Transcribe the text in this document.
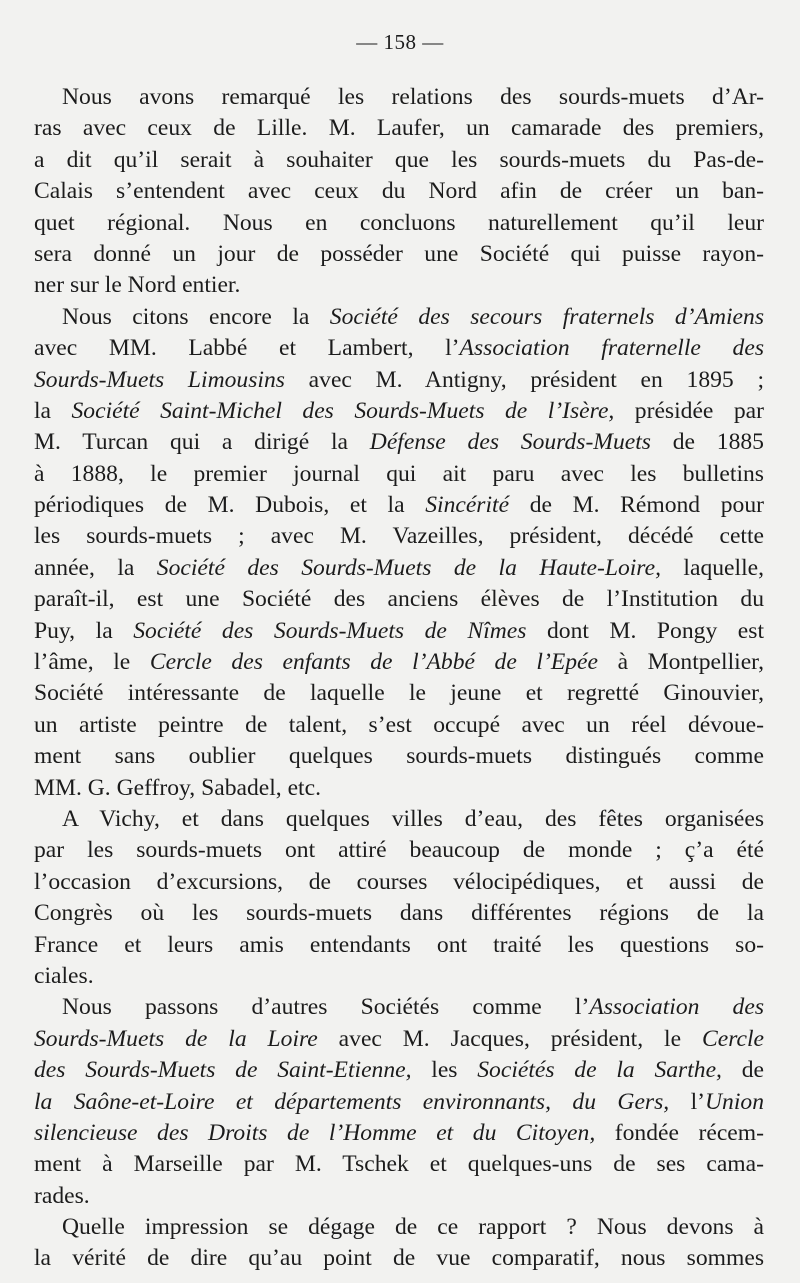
— 158 —
Nous avons remarqué les relations des sourds-muets d’Ar-
ras avec ceux de Lille. M. Laufer, un camarade des premiers,
a dit qu’il serait à souhaiter que les sourds-muets du Pas-de-
Calais s’entendent avec ceux du Nord afin de créer un ban-
quet régional. Nous en concluons naturellement qu’il leur
sera donné un jour de posséder une Société qui puisse rayon-
ner sur le Nord entier.
Nous citons encore la Société des secours fraternels d’Amiens
avec MM. Labbé et Lambert, l’Association fraternelle des
Sourds-Muets Limousins avec M. Antigny, président en 1895 ;
la Société Saint-Michel des Sourds-Muets de l’Isère, présidée par
M. Turcan qui a dirigé la Défense des Sourds-Muets de 1885
à 1888, le premier journal qui ait paru avec les bulletins
périodiques de M. Dubois, et la Sincérité de M. Rémond pour
les sourds-muets ; avec M. Vazeilles, président, décédé cette
année, la Société des Sourds-Muets de la Haute-Loire, laquelle,
paraît-il, est une Société des anciens élèves de l’Institution du
Puy, la Société des Sourds-Muets de Nîmes dont M. Pongy est
l’âme, le Cercle des enfants de l’Abbé de l’Epée à Montpellier,
Société intéressante de laquelle le jeune et regretté Ginouvier,
un artiste peintre de talent, s’est occupé avec un réel dévoue-
ment sans oublier quelques sourds-muets distingués comme
MM. G. Geffroy, Sabadel, etc.
A Vichy, et dans quelques villes d’eau, des fêtes organisées
par les sourds-muets ont attiré beaucoup de monde ; ç’a été
l’occasion d’excursions, de courses vélocipédiques, et aussi de
Congrès où les sourds-muets dans différentes régions de la
France et leurs amis entendants ont traité les questions so-
ciales.
Nous passons d’autres Sociétés comme l’Association des
Sourds-Muets de la Loire avec M. Jacques, président, le Cercle
des Sourds-Muets de Saint-Etienne, les Sociétés de la Sarthe, de
la Saône-et-Loire et départements environnants, du Gers, l’Union
silencieuse des Droits de l’Homme et du Citoyen, fondée récem-
ment à Marseille par M. Tschek et quelques-uns de ses cama-
rades.
Quelle impression se dégage de ce rapport ? Nous devons à
la vérité de dire qu’au point de vue comparatif, nous sommes
